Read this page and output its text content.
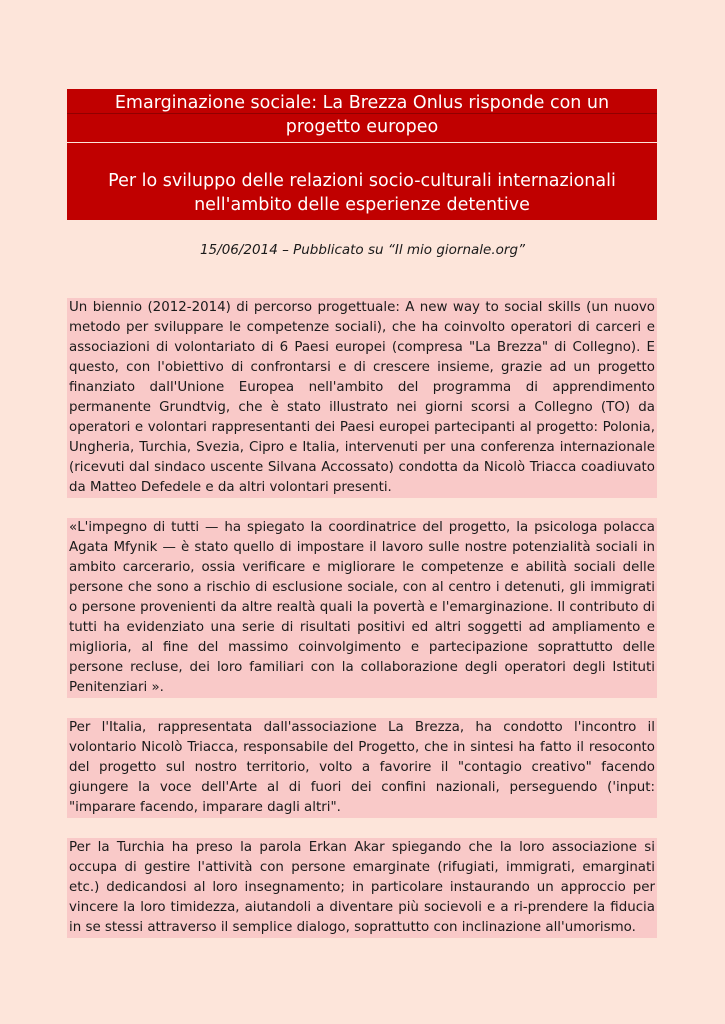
Emarginazione sociale: La Brezza Onlus risponde con un
progetto europeo
Per lo sviluppo delle relazioni socio-culturali internazionali
nell'ambito delle esperienze detentive
15/06/2014 – Pubblicato su “Il mio giornale.org”

Un biennio (2012-2014) di percorso progettuale: A new way to social skills (un nuovo metodo per sviluppare le competenze sociali), che ha coinvolto operatori di carceri e associazioni di volontariato di 6 Paesi europei (compresa "La Brezza" di Collegno). E questo, con l'obiettivo di confrontarsi e di crescere insieme, grazie ad un progetto finanziato dall'Unione Europea nell'ambito del programma di apprendimento permanente Grundtvig, che è stato illustrato nei giorni scorsi a Collegno (TO) da operatori e volontari rappresentanti dei Paesi europei partecipanti al progetto: Polonia, Ungheria, Turchia, Svezia, Cipro e Italia, intervenuti per una conferenza internazionale (ricevuti dal sindaco uscente Silvana Accossato) condotta da Nicolò Triacca coadiuvato da Matteo Defedele e da altri volontari presenti.

«L'impegno di tutti — ha spiegato la coordinatrice del progetto, la psicologa polacca Agata Mfynik — è stato quello di impostare il lavoro sulle nostre potenzialità sociali in ambito carcerario, ossia verificare e migliorare le competenze e abilità sociali delle persone che sono a rischio di esclusione sociale, con al centro i detenuti, gli immigrati o persone provenienti da altre realtà quali la povertà e l'emarginazione. Il contributo di tutti ha evidenziato una serie di risultati positivi ed altri soggetti ad ampliamento e miglioria, al fine del massimo coinvolgimento e partecipazione soprattutto delle persone recluse, dei loro familiari con la collaborazione degli operatori degli Istituti Penitenziari ».

Per l'Italia, rappresentata dall'associazione La Brezza, ha condotto l'incontro il volontario Nicolò Triacca, responsabile del Progetto, che in sintesi ha fatto il resoconto del progetto sul nostro territorio, volto a favorire il "contagio creativo" facendo giungere la voce dell'Arte al di fuori dei confini nazionali, perseguendo ('input: "imparare facendo, imparare dagli altri".

Per la Turchia ha preso la parola Erkan Akar spiegando che la loro associazione si occupa di gestire l'attività con persone emarginate (rifugiati, immigrati, emarginati etc.) dedicandosi al loro insegnamento; in particolare instaurando un approccio per vincere la loro timidezza, aiutandoli a diventare più socievoli e a ri-prendere la fiducia in se stessi attraverso il semplice dialogo, soprattutto con inclinazione all'umorismo.
